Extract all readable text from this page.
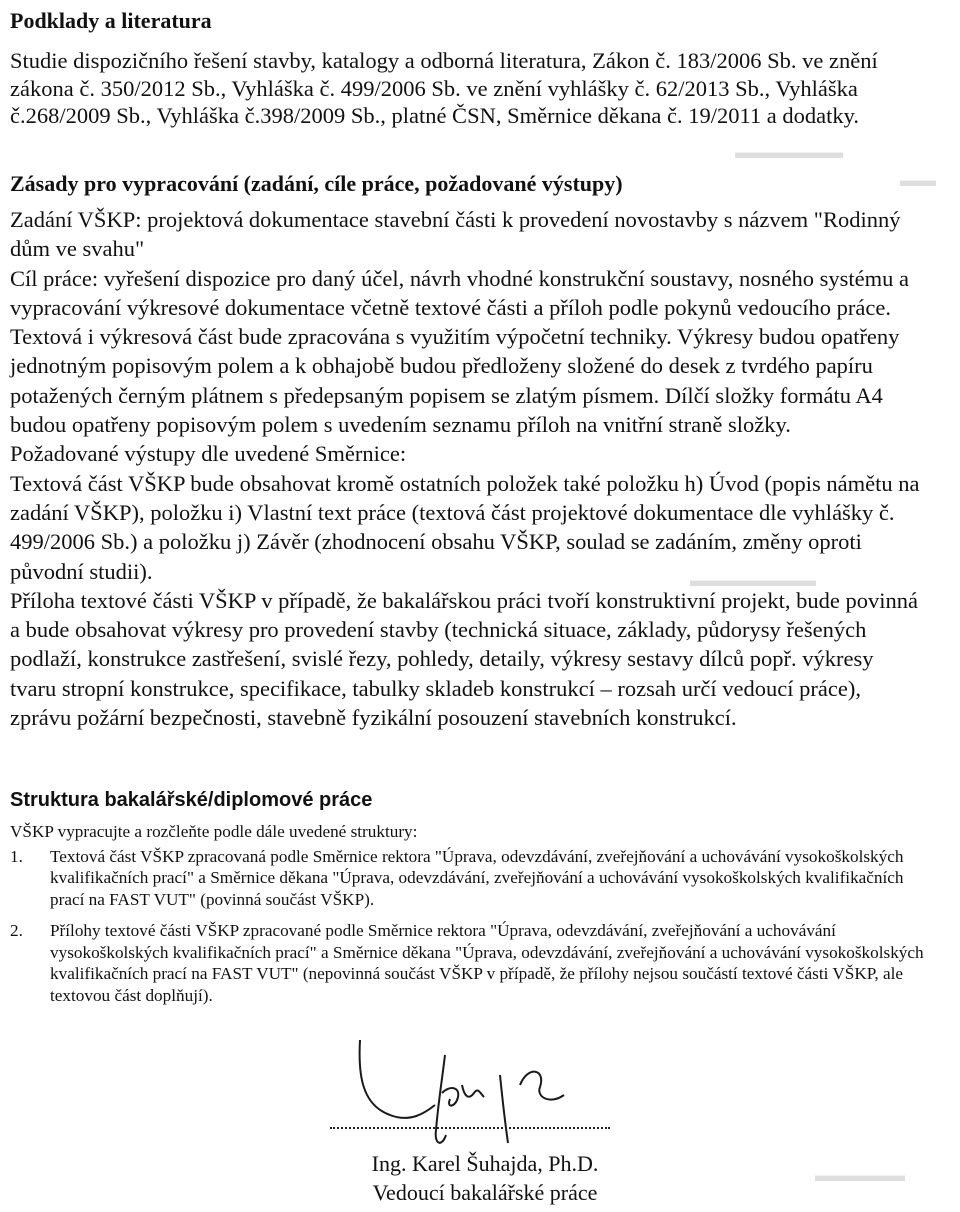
▬▬▬▬▬▬
▬▬
▬▬▬▬▬▬▬
▬▬▬▬▬
Podklady a literatura

Studie dispozičního řešení stavby, katalogy a odborná literatura, Zákon č. 183/2006 Sb. ve znění zákona č. 350/2012 Sb., Vyhláška č. 499/2006 Sb. ve znění vyhlášky č. 62/2013 Sb., Vyhláška č.268/2009 Sb., Vyhláška č.398/2009 Sb., platné ČSN, Směrnice děkana č. 19/2011 a dodatky.

Zásady pro vypracování (zadání, cíle práce, požadované výstupy)

Zadání VŠKP: projektová dokumentace stavební části k provedení novostavby s názvem "Rodinný dům ve svahu"

Cíl práce: vyřešení dispozice pro daný účel, návrh vhodné konstrukční soustavy, nosného systému a vypracování výkresové dokumentace včetně textové části a příloh podle pokynů vedoucího práce. Textová i výkresová část bude zpracována s využitím výpočetní techniky. Výkresy budou opatřeny jednotným popisovým polem a k obhajobě budou předloženy složené do desek z tvrdého papíru potažených černým plátnem s předepsaným popisem se zlatým písmem. Dílčí složky formátu A4 budou opatřeny popisovým polem s uvedením seznamu příloh na vnitřní straně složky.

Požadované výstupy dle uvedené Směrnice:

Textová část VŠKP bude obsahovat kromě ostatních položek také položku h) Úvod (popis námětu na zadání VŠKP), položku i) Vlastní text práce (textová část projektové dokumentace dle vyhlášky č. 499/2006 Sb.) a položku j) Závěr (zhodnocení obsahu VŠKP, soulad se zadáním, změny oproti původní studii).

Příloha textové části VŠKP v případě, že bakalářskou práci tvoří konstruktivní projekt, bude povinná a bude obsahovat výkresy pro provedení stavby (technická situace, základy, půdorysy řešených podlaží, konstrukce zastřešení, svislé řezy, pohledy, detaily, výkresy sestavy dílců popř. výkresy tvaru stropní konstrukce, specifikace, tabulky skladeb konstrukcí – rozsah určí vedoucí práce), zprávu požární bezpečnosti, stavebně fyzikální posouzení stavebních konstrukcí.

Struktura bakalářské/diplomové práce

VŠKP vypracujte a rozčleňte podle dále uvedené struktury:

1. Textová část VŠKP zpracovaná podle Směrnice rektora "Úprava, odevzdávání, zveřejňování a uchovávání vysokoškolských kvalifikačních prací" a Směrnice děkana "Úprava, odevzdávání, zveřejňování a uchovávání vysokoškolských kvalifikačních prací na FAST VUT" (povinná součást VŠKP).
2. Přílohy textové části VŠKP zpracované podle Směrnice rektora "Úprava, odevzdávání, zveřejňování a uchovávání vysokoškolských kvalifikačních prací" a Směrnice děkana "Úprava, odevzdávání, zveřejňování a uchovávání vysokoškolských kvalifikačních prací na FAST VUT" (nepovinná součást VŠKP v případě, že přílohy nejsou součástí textové části VŠKP, ale textovou část doplňují).
Ing. Karel Šuhajda, Ph.D.
Vedoucí bakalářské práce
